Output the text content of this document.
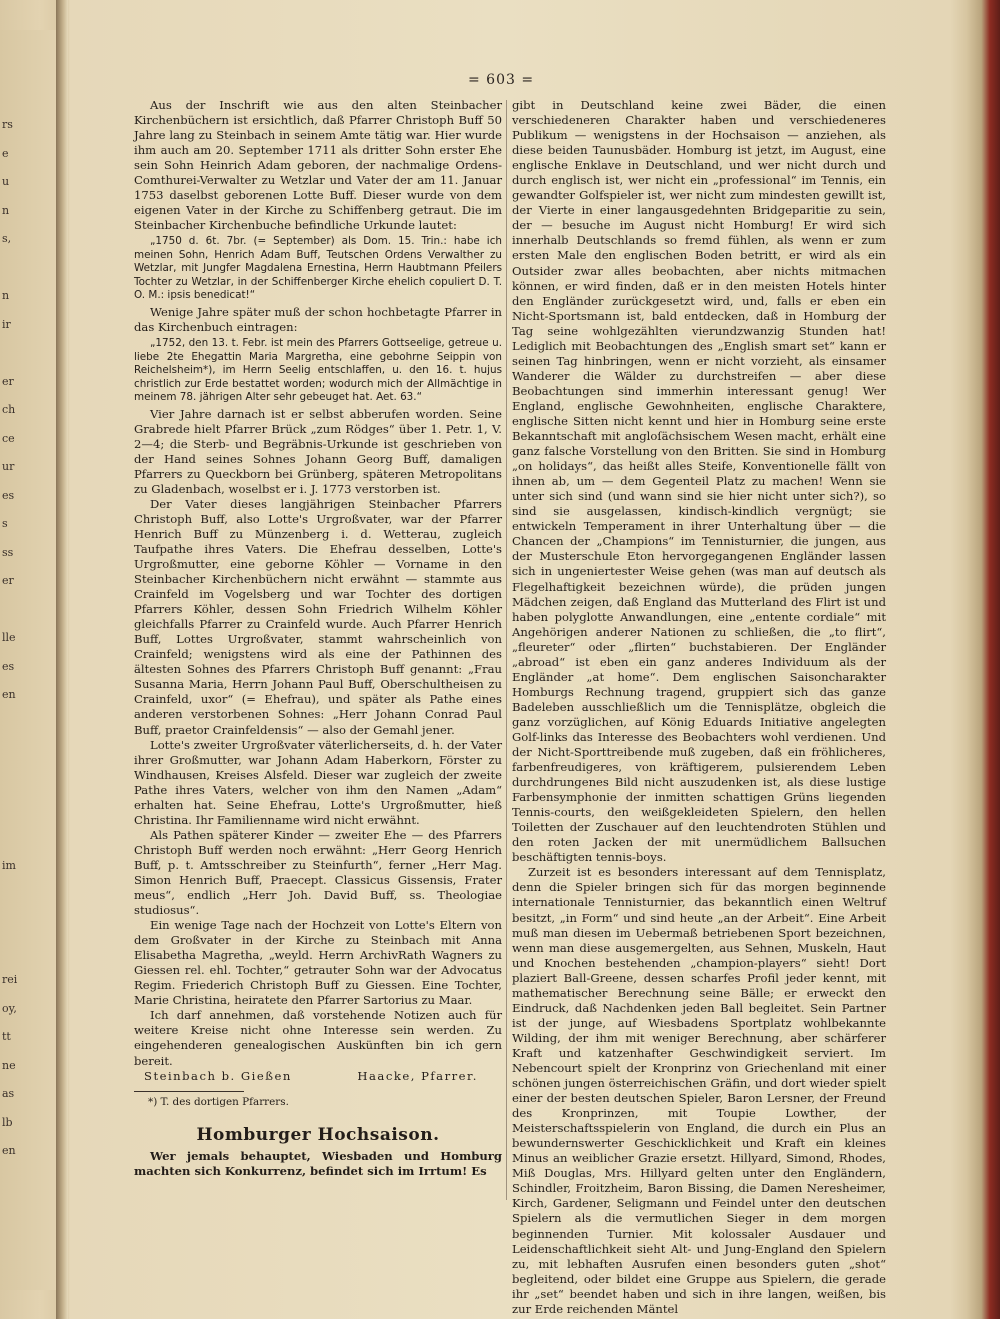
rs
e
u
n
s,
n
ir
er
ch
ce
ur
es
s
ss
er
lle
es
en
im
rei
oy,
tt
ne
as
lb
en
= 603 =

Aus der Inschrift wie aus den alten Steinbacher Kirchenbüchern ist ersichtlich, daß Pfarrer Christoph Buff 50 Jahre lang zu Steinbach in seinem Amte tätig war. Hier wurde ihm auch am 20. September 1711 als dritter Sohn erster Ehe sein Sohn Heinrich Adam geboren, der nachmalige Ordens-Comthurei-Verwalter zu Wetzlar und Vater der am 11. Januar 1753 daselbst geborenen Lotte Buff. Dieser wurde von dem eigenen Vater in der Kirche zu Schiffenberg getraut. Die im Steinbacher Kirchenbuche befindliche Urkunde lautet:

„1750 d. 6t. 7br. (= September) als Dom. 15. Trin.: habe ich meinen Sohn, Henrich Adam Buff, Teutschen Ordens Verwalther zu Wetzlar, mit Jungfer Magdalena Ernestina, Herrn Haubtmann Pfeilers Tochter zu Wetzlar, in der Schiffenberger Kirche ehelich copuliert D. T. O. M.: ipsis benedicat!“

Wenige Jahre später muß der schon hochbetagte Pfarrer in das Kirchenbuch eintragen:

„1752, den 13. t. Febr. ist mein des Pfarrers Gottseelige, getreue u. liebe 2te Ehegattin Maria Margretha, eine gebohrne Seippin von Reichelsheim*), im Herrn Seelig entschlaffen, u. den 16. t. hujus christlich zur Erde bestattet worden; wodurch mich der Allmächtige in meinem 78. jährigen Alter sehr gebeuget hat. Aet. 63.“

Vier Jahre darnach ist er selbst abberufen worden. Seine Grabrede hielt Pfarrer Brück „zum Rödges“ über 1. Petr. 1, V. 2—4; die Sterb- und Begräbnis-Urkunde ist geschrieben von der Hand seines Sohnes Johann Georg Buff, damaligen Pfarrers zu Queckborn bei Grünberg, späteren Metropolitans zu Gladenbach, woselbst er i. J. 1773 verstorben ist.

Der Vater dieses langjährigen Steinbacher Pfarrers Christoph Buff, also Lotte's Urgroßvater, war der Pfarrer Henrich Buff zu Münzenberg i. d. Wetterau, zugleich Taufpathe ihres Vaters. Die Ehefrau desselben, Lotte's Urgroßmutter, eine geborne Köhler — Vorname in den Steinbacher Kirchenbüchern nicht erwähnt — stammte aus Crainfeld im Vogelsberg und war Tochter des dortigen Pfarrers Köhler, dessen Sohn Friedrich Wilhelm Köhler gleichfalls Pfarrer zu Crainfeld wurde. Auch Pfarrer Henrich Buff, Lottes Urgroßvater, stammt wahrscheinlich von Crainfeld; wenigstens wird als eine der Pathinnen des ältesten Sohnes des Pfarrers Christoph Buff genannt: „Frau Susanna Maria, Herrn Johann Paul Buff, Oberschultheisen zu Crainfeld, uxor“ (= Ehefrau), und später als Pathe eines anderen verstorbenen Sohnes: „Herr Johann Conrad Paul Buff, praetor Crainfeldensis“ — also der Gemahl jener.

Lotte's zweiter Urgroßvater väterlicherseits, d. h. der Vater ihrer Großmutter, war Johann Adam Haberkorn, Förster zu Windhausen, Kreises Alsfeld. Dieser war zugleich der zweite Pathe ihres Vaters, welcher von ihm den Namen „Adam“ erhalten hat. Seine Ehefrau, Lotte's Urgroßmutter, hieß Christina. Ihr Familienname wird nicht erwähnt.

Als Pathen späterer Kinder — zweiter Ehe — des Pfarrers Christoph Buff werden noch erwähnt: „Herr Georg Henrich Buff, p. t. Amtsschreiber zu Steinfurth“, ferner „Herr Mag. Simon Henrich Buff, Praecept. Classicus Gissensis, Frater meus“, endlich „Herr Joh. David Buff, ss. Theologiae studiosus“.

Ein wenige Tage nach der Hochzeit von Lotte's Eltern von dem Großvater in der Kirche zu Steinbach mit Anna Elisabetha Magretha, „weyld. Herrn ArchivRath Wagners zu Giessen rel. ehl. Tochter,“ getrauter Sohn war der Advocatus Regim. Friederich Christoph Buff zu Giessen. Eine Tochter, Marie Christina, heiratete den Pfarrer Sartorius zu Maar.

Ich darf annehmen, daß vorstehende Notizen auch für weitere Kreise nicht ohne Interesse sein werden. Zu eingehenderen genealogischen Auskünften bin ich gern bereit.

Steinbach b. Gießen	Haacke, Pfarrer.

*) T. des dortigen Pfarrers.

Homburger Hochsaison.

Wer jemals behauptet, Wiesbaden und Homburg machten sich Konkurrenz, befindet sich im Irrtum! Es

gibt in Deutschland keine zwei Bäder, die einen verschiedeneren Charakter haben und verschiedeneres Publikum — wenigstens in der Hochsaison — anziehen, als diese beiden Taunusbäder. Homburg ist jetzt, im August, eine englische Enklave in Deutschland, und wer nicht durch und durch englisch ist, wer nicht ein „professional“ im Tennis, ein gewandter Golfspieler ist, wer nicht zum mindesten gewillt ist, der Vierte in einer langausgedehnten Bridgeparitie zu sein, der — besuche im August nicht Homburg! Er wird sich innerhalb Deutschlands so fremd fühlen, als wenn er zum ersten Male den englischen Boden betritt, er wird als ein Outsider zwar alles beobachten, aber nichts mitmachen können, er wird finden, daß er in den meisten Hotels hinter den Engländer zurückgesetzt wird, und, falls er eben ein Nicht-Sportsmann ist, bald entdecken, daß in Homburg der Tag seine wohlgezählten vierundzwanzig Stunden hat! Lediglich mit Beobachtungen des „English smart set“ kann er seinen Tag hinbringen, wenn er nicht vorzieht, als einsamer Wanderer die Wälder zu durchstreifen — aber diese Beobachtungen sind immerhin interessant genug! Wer England, englische Gewohnheiten, englische Charaktere, englische Sitten nicht kennt und hier in Homburg seine erste Bekanntschaft mit angloſächsischem Wesen macht, erhält eine ganz falsche Vorstellung von den Britten. Sie sind in Homburg „on holidays“, das heißt alles Steife, Konventionelle fällt von ihnen ab, um — dem Gegenteil Platz zu machen! Wenn sie unter sich sind (und wann sind sie hier nicht unter sich?), so sind sie ausgelassen, kindisch-kindlich vergnügt; sie entwickeln Temperament in ihrer Unterhaltung über — die Chancen der „Champions“ im Tennisturnier, die jungen, aus der Musterschule Eton hervorgegangenen Engländer lassen sich in ungeniertester Weise gehen (was man auf deutsch als Flegelhaftigkeit bezeichnen würde), die prüden jungen Mädchen zeigen, daß England das Mutterland des Flirt ist und haben polyglotte Anwandlungen, eine „entente cordiale“ mit Angehörigen anderer Nationen zu schließen, die „to flirt“, „fleureter“ oder „flirten“ buchstabieren. Der Engländer „abroad“ ist eben ein ganz anderes Individuum als der Engländer „at home“. Dem englischen Saisoncharakter Homburgs Rechnung tragend, gruppiert sich das ganze Badeleben ausschließlich um die Tennisplätze, obgleich die ganz vorzüglichen, auf König Eduards Initiative angelegten Golf-links das Interesse des Beobachters wohl verdienen. Und der Nicht-Sporttreibende muß zugeben, daß ein fröhlicheres, farbenfreudigeres, von kräftigerem, pulsierendem Leben durchdrungenes Bild nicht auszudenken ist, als diese lustige Farbensymphonie der inmitten schattigen Grüns liegenden Tennis-courts, den weißgekleideten Spielern, den hellen Toiletten der Zuschauer auf den leuchtendroten Stühlen und den roten Jacken der mit unermüdlichem Ballsuchen beschäftigten tennis-boys.

Zurzeit ist es besonders interessant auf dem Tennisplatz, denn die Spieler bringen sich für das morgen beginnende internationale Tennisturnier, das bekanntlich einen Weltruf besitzt, „in Form“ und sind heute „an der Arbeit“. Eine Arbeit muß man diesen im Uebermaß betriebenen Sport bezeichnen, wenn man diese ausgemergelten, aus Sehnen, Muskeln, Haut und Knochen bestehenden „champion-players“ sieht! Dort plaziert Ball-Greene, dessen scharfes Profil jeder kennt, mit mathematischer Berechnung seine Bälle; er erweckt den Eindruck, daß Nachdenken jeden Ball begleitet. Sein Partner ist der junge, auf Wiesbadens Sportplatz wohlbekannte Wilding, der ihm mit weniger Berechnung, aber schärferer Kraft und katzenhafter Geschwindigkeit serviert. Im Nebencourt spielt der Kronprinz von Griechenland mit einer schönen jungen österreichischen Gräfin, und dort wieder spielt einer der besten deutschen Spieler, Baron Lersner, der Freund des Kronprinzen, mit Toupie Lowther, der Meisterschaftsspielerin von England, die durch ein Plus an bewundernswerter Geschicklichkeit und Kraft ein kleines Minus an weiblicher Grazie ersetzt. Hillyard, Simond, Rhodes, Miß Douglas, Mrs. Hillyard gelten unter den Engländern, Schindler, Froitzheim, Baron Bissing, die Damen Neresheimer, Kirch, Gardener, Seligmann und Feindel unter den deutschen Spielern als die vermutlichen Sieger in dem morgen beginnenden Turnier. Mit kolossaler Ausdauer und Leidenschaftlichkeit sieht Alt- und Jung-England den Spielern zu, mit lebhaften Ausrufen einen besonders guten „shot“ begleitend, oder bildet eine Gruppe aus Spielern, die gerade ihr „set“ beendet haben und sich in ihre langen, weißen, bis zur Erde reichenden Mäntel
